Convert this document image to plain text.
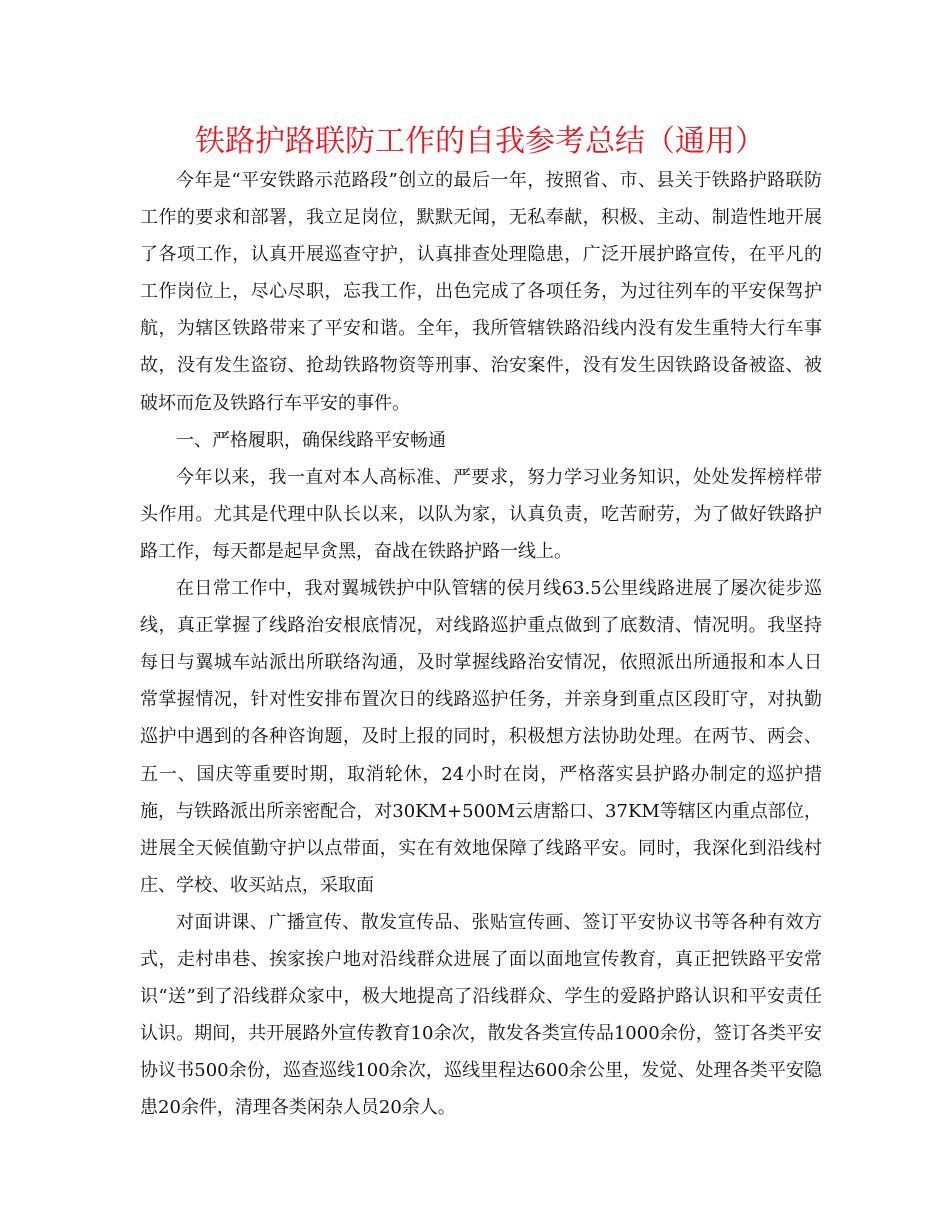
铁路护路联防工作的自我参考总结（通用）

今年是“平安铁路示范路段”创立的最后一年，按照省、市、县关于铁路护路联防工作的要求和部署，我立足岗位，默默无闻，无私奉献，积极、主动、制造性地开展了各项工作，认真开展巡查守护，认真排查处理隐患，广泛开展护路宣传，在平凡的工作岗位上，尽心尽职，忘我工作，出色完成了各项任务，为过往列车的平安保驾护航，为辖区铁路带来了平安和谐。全年，我所管辖铁路沿线内没有发生重特大行车事故，没有发生盗窃、抢劫铁路物资等刑事、治安案件，没有发生因铁路设备被盗、被破坏而危及铁路行车平安的事件。

一、严格履职，确保线路平安畅通

今年以来，我一直对本人高标准、严要求，努力学习业务知识，处处发挥榜样带头作用。尤其是代理中队长以来，以队为家，认真负责，吃苦耐劳，为了做好铁路护路工作，每天都是起早贪黑，奋战在铁路护路一线上。

在日常工作中，我对翼城铁护中队管辖的侯月线63.5公里线路进展了屡次徒步巡线，真正掌握了线路治安根底情况，对线路巡护重点做到了底数清、情况明。我坚持每日与翼城车站派出所联络沟通，及时掌握线路治安情况，依照派出所通报和本人日常掌握情况，针对性安排布置次日的线路巡护任务，并亲身到重点区段盯守，对执勤巡护中遇到的各种咨询题，及时上报的同时，积极想方法协助处理。在两节、两会、五一、国庆等重要时期，取消轮休，24小时在岗，严格落实县护路办制定的巡护措施，与铁路派出所亲密配合，对30KM+500M云唐豁口、37KM等辖区内重点部位，进展全天候值勤守护以点带面，实在有效地保障了线路平安。同时，我深化到沿线村庄、学校、收买站点，采取面

对面讲课、广播宣传、散发宣传品、张贴宣传画、签订平安协议书等各种有效方式，走村串巷、挨家挨户地对沿线群众进展了面以面地宣传教育，真正把铁路平安常识“送”到了沿线群众家中，极大地提高了沿线群众、学生的爱路护路认识和平安责任认识。期间，共开展路外宣传教育10余次，散发各类宣传品1000余份，签订各类平安协议书500余份，巡查巡线100余次，巡线里程达600余公里，发觉、处理各类平安隐患20余件，清理各类闲杂人员20余人。
